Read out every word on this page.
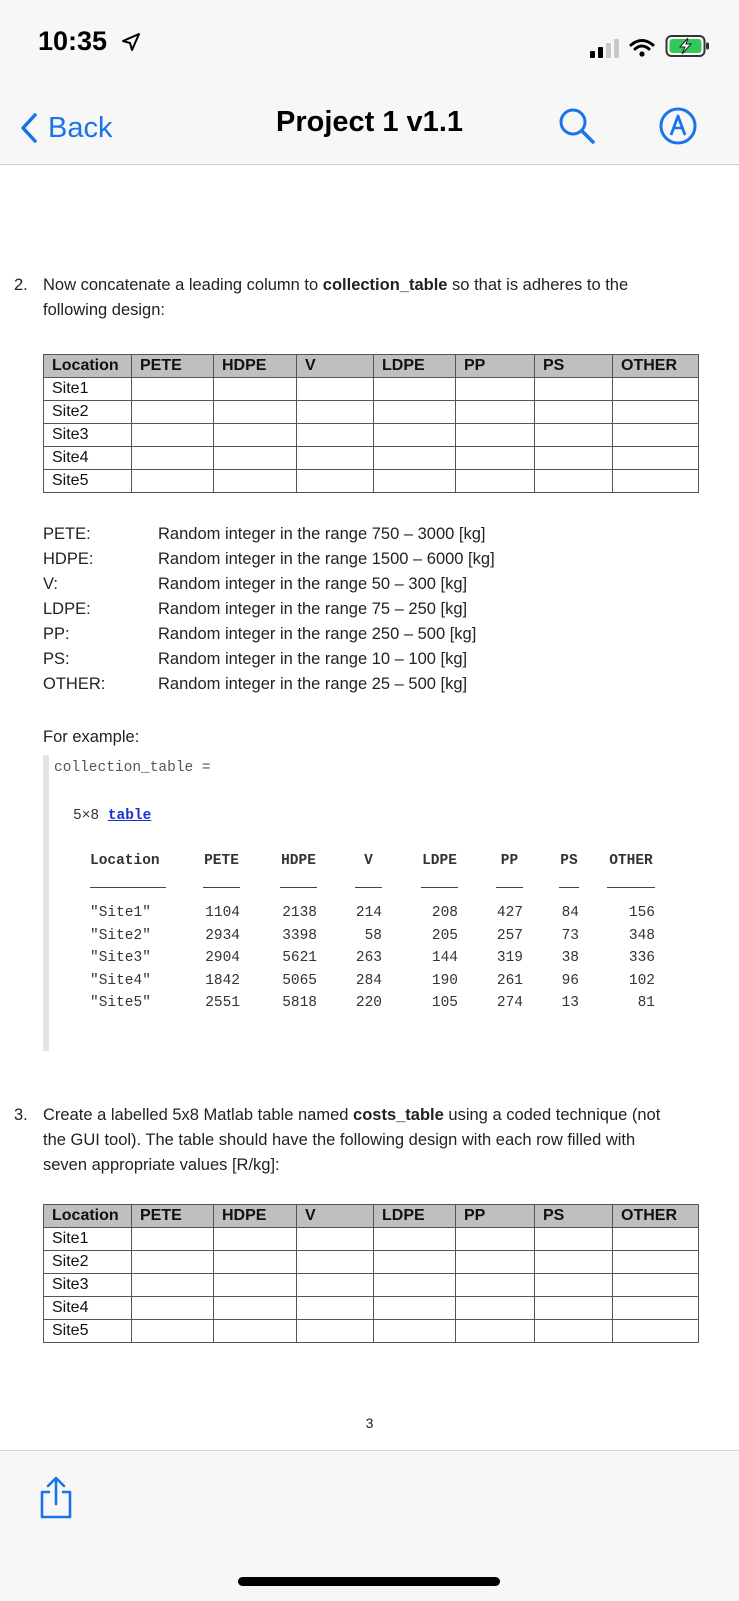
10:35
Back	Project 1 v1.1
2. Now concatenate a leading column to collection_table so that is adheres to the
following design:
Location	PETE	HDPE	V	LDPE	PP	PS	OTHER
Site1							
Site2							
Site3							
Site4							
Site5							
PETE:	Random integer in the range 750 – 3000 [kg]
HDPE:	Random integer in the range 1500 – 6000 [kg]
V:	Random integer in the range 50 – 300 [kg]
LDPE:	Random integer in the range 75 – 250 [kg]
PP:	Random integer in the range 250 – 500 [kg]
PS:	Random integer in the range 10 – 100 [kg]
OTHER:	Random integer in the range 25 – 500 [kg]
For example:
collection_table =
5×8 table
Location	PETE	HDPE	V	LDPE	PP	PS	OTHER
"Site1"	1104	2138	214	208	427	84	156
"Site2"	2934	3398	58	205	257	73	348
"Site3"	2904	5621	263	144	319	38	336
"Site4"	1842	5065	284	190	261	96	102
"Site5"	2551	5818	220	105	274	13	81
3. Create a labelled 5x8 Matlab table named costs_table using a coded technique (not
the GUI tool). The table should have the following design with each row filled with
seven appropriate values [R/kg]:
Location	PETE	HDPE	V	LDPE	PP	PS	OTHER
Site1							
Site2							
Site3							
Site4							
Site5							
3
